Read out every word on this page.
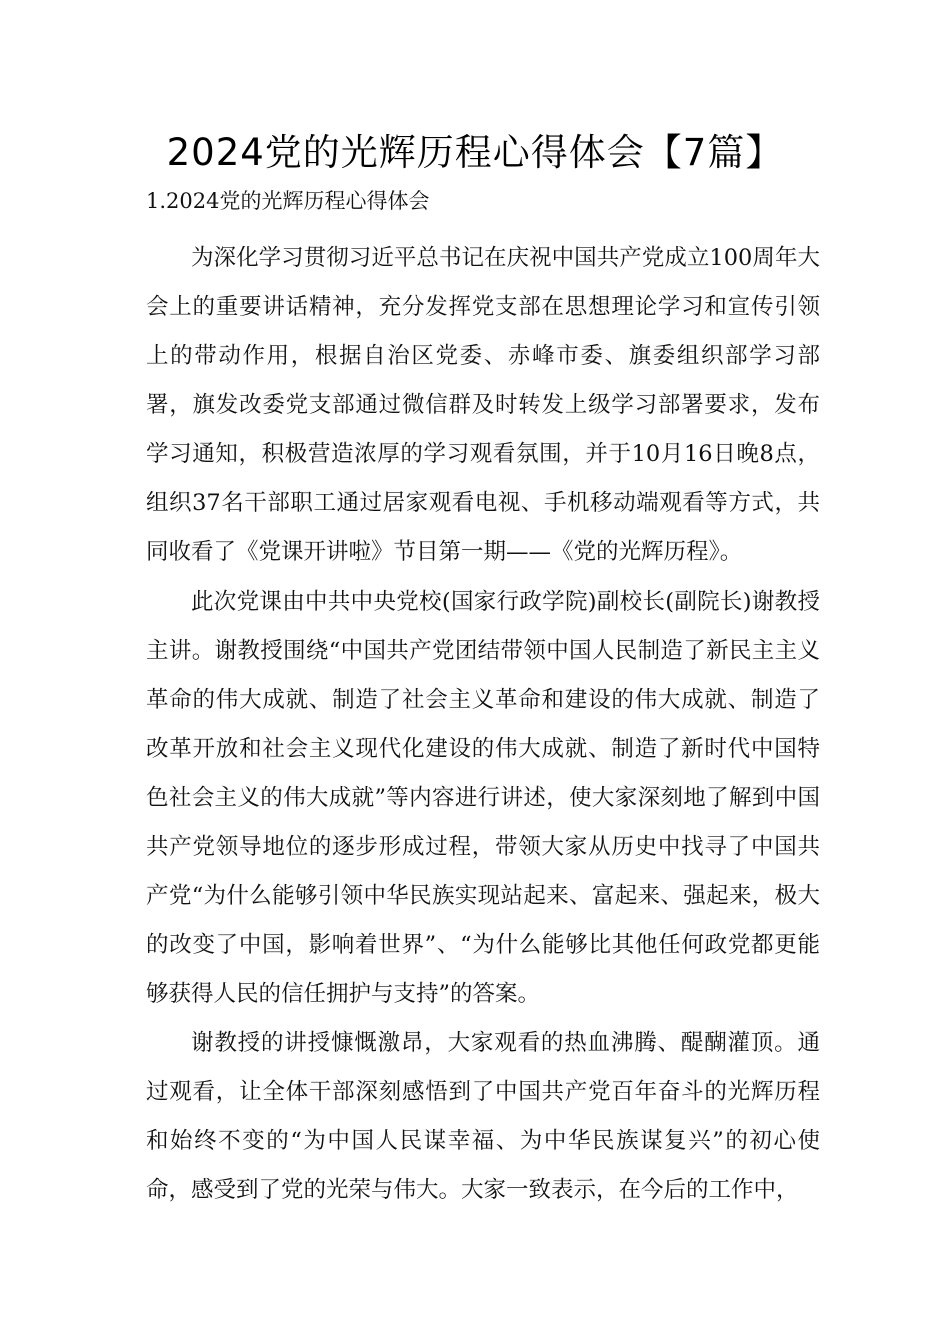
2024党的光辉历程心得体会【7篇】

1.2024党的光辉历程心得体会

为深化学习贯彻习近平总书记在庆祝中国共产党成立100周年大会上的重要讲话精神，充分发挥党支部在思想理论学习和宣传引领上的带动作用，根据自治区党委、赤峰市委、旗委组织部学习部署，旗发改委党支部通过微信群及时转发上级学习部署要求，发布学习通知，积极营造浓厚的学习观看氛围，并于10月16日晚8点，组织37名干部职工通过居家观看电视、手机移动端观看等方式，共同收看了《党课开讲啦》节目第一期——《党的光辉历程》。

此次党课由中共中央党校(国家行政学院)副校长(副院长)谢教授主讲。谢教授围绕“中国共产党团结带领中国人民制造了新民主主义革命的伟大成就、制造了社会主义革命和建设的伟大成就、制造了改革开放和社会主义现代化建设的伟大成就、制造了新时代中国特色社会主义的伟大成就”等内容进行讲述，使大家深刻地了解到中国共产党领导地位的逐步形成过程，带领大家从历史中找寻了中国共产党“为什么能够引领中华民族实现站起来、富起来、强起来，极大的改变了中国，影响着世界”、“为什么能够比其他任何政党都更能够获得人民的信任拥护与支持”的答案。

谢教授的讲授慷慨激昂，大家观看的热血沸腾、醍醐灌顶。通过观看，让全体干部深刻感悟到了中国共产党百年奋斗的光辉历程和始终不变的“为中国人民谋幸福、为中华民族谋复兴”的初心使命，感受到了党的光荣与伟大。大家一致表示，在今后的工作中，
